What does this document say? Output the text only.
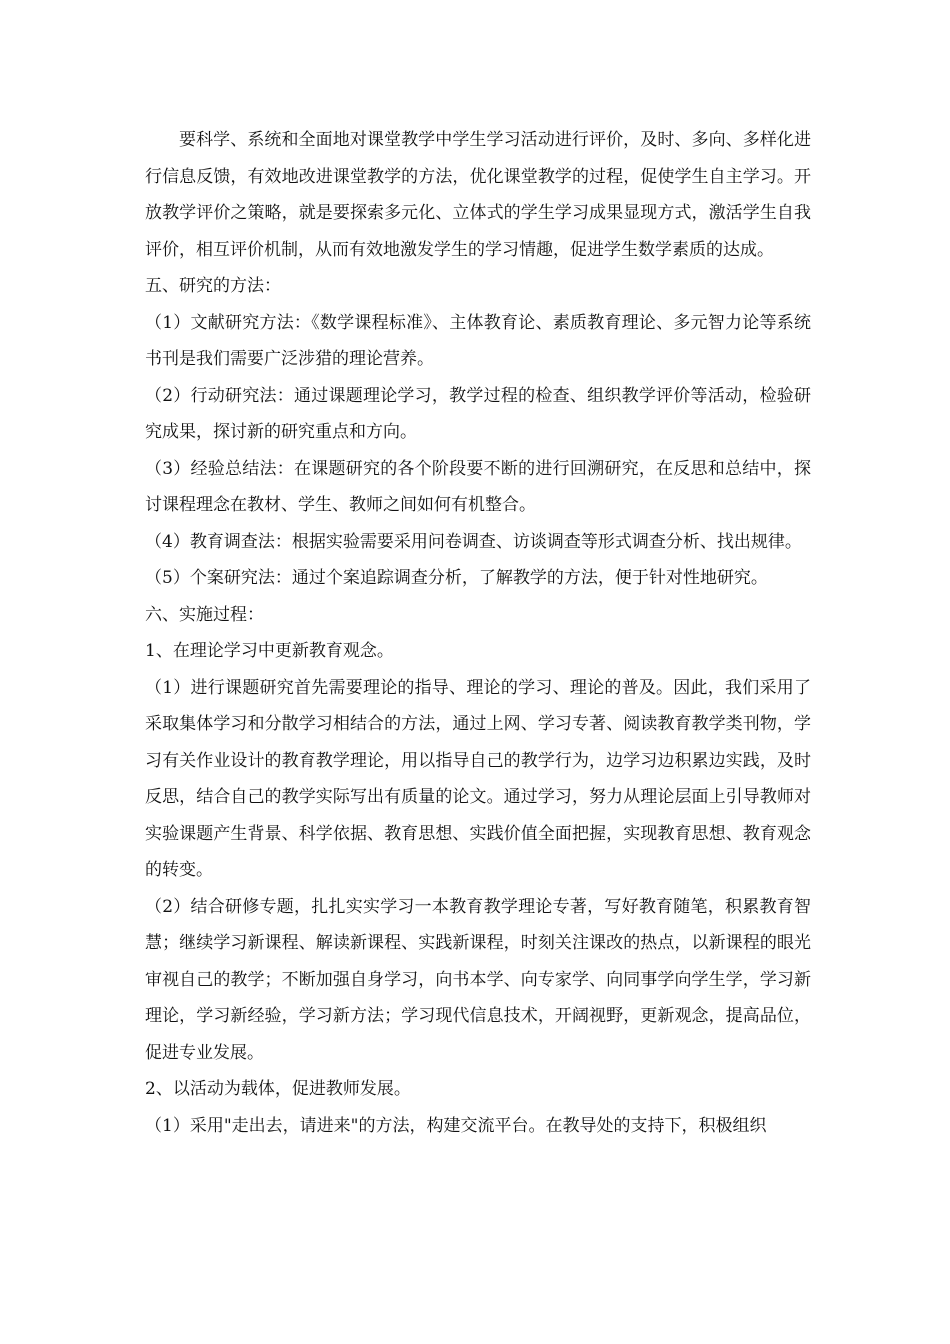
要科学、系统和全面地对课堂教学中学生学习活动进行评价，及时、多向、多样化进行信息反馈，有效地改进课堂教学的方法，优化课堂教学的过程，促使学生自主学习。开放教学评价之策略，就是要探索多元化、立体式的学生学习成果显现方式，激活学生自我评价，相互评价机制，从而有效地激发学生的学习情趣，促进学生数学素质的达成。

五、研究的方法：

（1）文献研究方法：《数学课程标准》、主体教育论、素质教育理论、多元智力论等系统书刊是我们需要广泛涉猎的理论营养。

（2）行动研究法：通过课题理论学习，教学过程的检查、组织教学评价等活动，检验研究成果，探讨新的研究重点和方向。

（3）经验总结法：在课题研究的各个阶段要不断的进行回溯研究，在反思和总结中，探讨课程理念在教材、学生、教师之间如何有机整合。

（4）教育调查法：根据实验需要采用问卷调查、访谈调查等形式调查分析、找出规律。

（5）个案研究法：通过个案追踪调查分析，了解教学的方法，便于针对性地研究。

六、实施过程：

1、在理论学习中更新教育观念。

（1）进行课题研究首先需要理论的指导、理论的学习、理论的普及。因此，我们采用了采取集体学习和分散学习相结合的方法，通过上网、学习专著、阅读教育教学类刊物，学习有关作业设计的教育教学理论，用以指导自己的教学行为，边学习边积累边实践，及时反思，结合自己的教学实际写出有质量的论文。通过学习，努力从理论层面上引导教师对实验课题产生背景、科学依据、教育思想、实践价值全面把握，实现教育思想、教育观念的转变。

（2）结合研修专题，扎扎实实学习一本教育教学理论专著，写好教育随笔，积累教育智慧；继续学习新课程、解读新课程、实践新课程，时刻关注课改的热点，以新课程的眼光审视自己的教学；不断加强自身学习，向书本学、向专家学、向同事学向学生学，学习新理论，学习新经验，学习新方法；学习现代信息技术，开阔视野，更新观念，提高品位，促进专业发展。

2、以活动为载体，促进教师发展。

（1）采用"走出去，请进来"的方法，构建交流平台。在教导处的支持下，积极组织
